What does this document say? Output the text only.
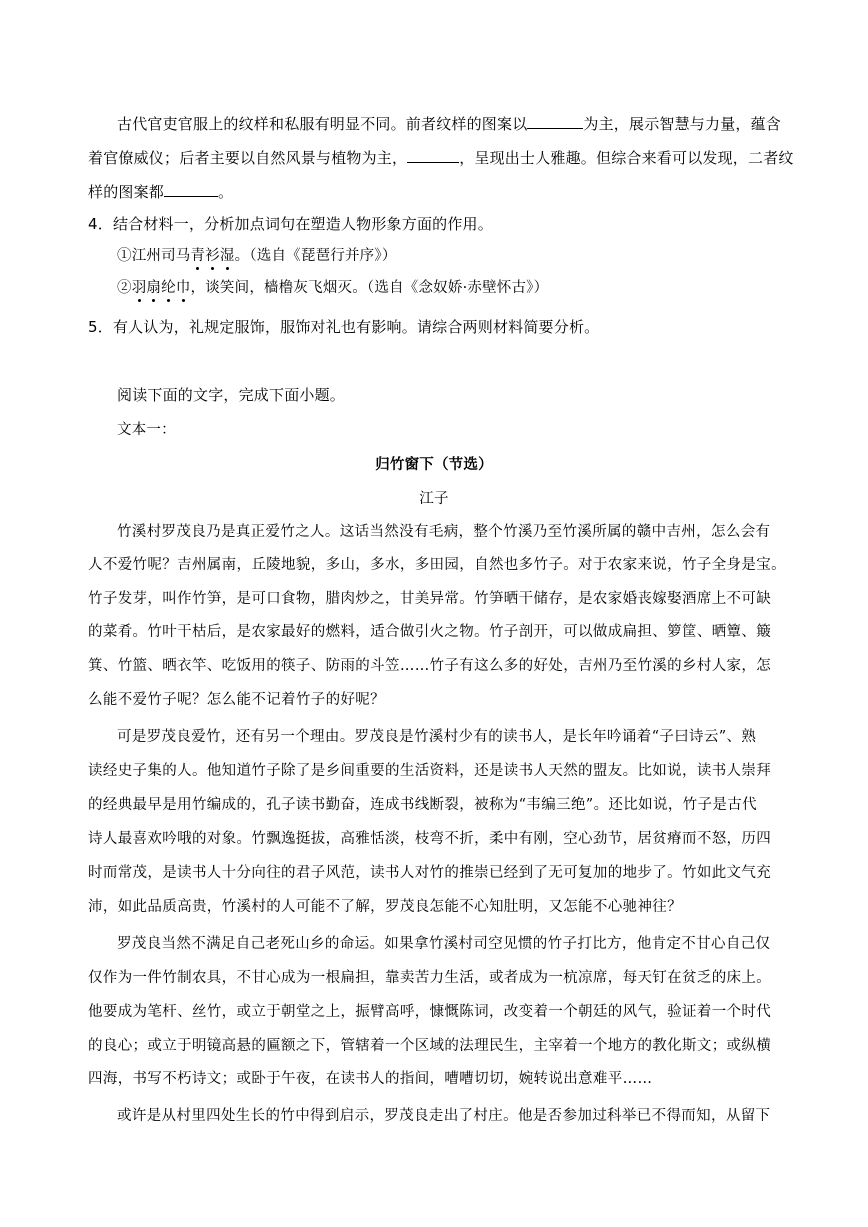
古代官吏官服上的纹样和私服有明显不同。前者纹样的图案以	为主，展示智慧与力量，蕴含
着官僚威仪；后者主要以自然风景与植物为主，	，呈现出士人雅趣。但综合来看可以发现，二者纹
样的图案都	。
4．结合材料一，分析加点词句在塑造人物形象方面的作用。
①江州司马青衫湿。（选自《琵琶行并序》）
②羽扇纶巾，谈笑间，樯橹灰飞烟灭。（选自《念奴娇·赤壁怀古》）
5．有人认为，礼规定服饰，服饰对礼也有影响。请综合两则材料简要分析。
阅读下面的文字，完成下面小题。
文本一：
归竹窗下（节选）
江子
竹溪村罗茂良乃是真正爱竹之人。这话当然没有毛病，整个竹溪乃至竹溪所属的赣中吉州，怎么会有
人不爱竹呢？吉州属南，丘陵地貌，多山，多水，多田园，自然也多竹子。对于农家来说，竹子全身是宝。
竹子发芽，叫作竹笋，是可口食物，腊肉炒之，甘美异常。竹笋晒干储存，是农家婚丧嫁娶酒席上不可缺
的菜肴。竹叶干枯后，是农家最好的燃料，适合做引火之物。竹子剖开，可以做成扁担、箩筐、晒簟、簸
箕、竹篮、晒衣竿、吃饭用的筷子、防雨的斗笠……竹子有这么多的好处，吉州乃至竹溪的乡村人家，怎
么能不爱竹子呢？怎么能不记着竹子的好呢？
可是罗茂良爱竹，还有另一个理由。罗茂良是竹溪村少有的读书人，是长年吟诵着“子曰诗云”、熟
读经史子集的人。他知道竹子除了是乡间重要的生活资料，还是读书人天然的盟友。比如说，读书人崇拜
的经典最早是用竹编成的，孔子读书勤奋，连成书线断裂，被称为“韦编三绝”。还比如说，竹子是古代
诗人最喜欢吟哦的对象。竹飘逸挺拔，高雅恬淡，枝弯不折，柔中有刚，空心劲节，居贫瘠而不怒，历四
时而常茂，是读书人十分向往的君子风范，读书人对竹的推崇已经到了无可复加的地步了。竹如此文气充
沛，如此品质高贵，竹溪村的人可能不了解，罗茂良怎能不心知肚明，又怎能不心驰神往？
罗茂良当然不满足自己老死山乡的命运。如果拿竹溪村司空见惯的竹子打比方，他肯定不甘心自己仅
仅作为一件竹制农具，不甘心成为一根扁担，靠卖苦力生活，或者成为一杭凉席，每天钉在贫乏的床上。
他要成为笔杆、丝竹，或立于朝堂之上，振臂高呼，慷慨陈词，改变着一个朝廷的风气，验证着一个时代
的良心；或立于明镜高悬的匾额之下，管辖着一个区域的法理民生，主宰着一个地方的教化斯文；或纵横
四海，书写不朽诗文；或卧于午夜，在读书人的指间，嘈嘈切切，婉转说出意难平……
或许是从村里四处生长的竹中得到启示，罗茂良走出了村庄。他是否参加过科举已不得而知，从留下
